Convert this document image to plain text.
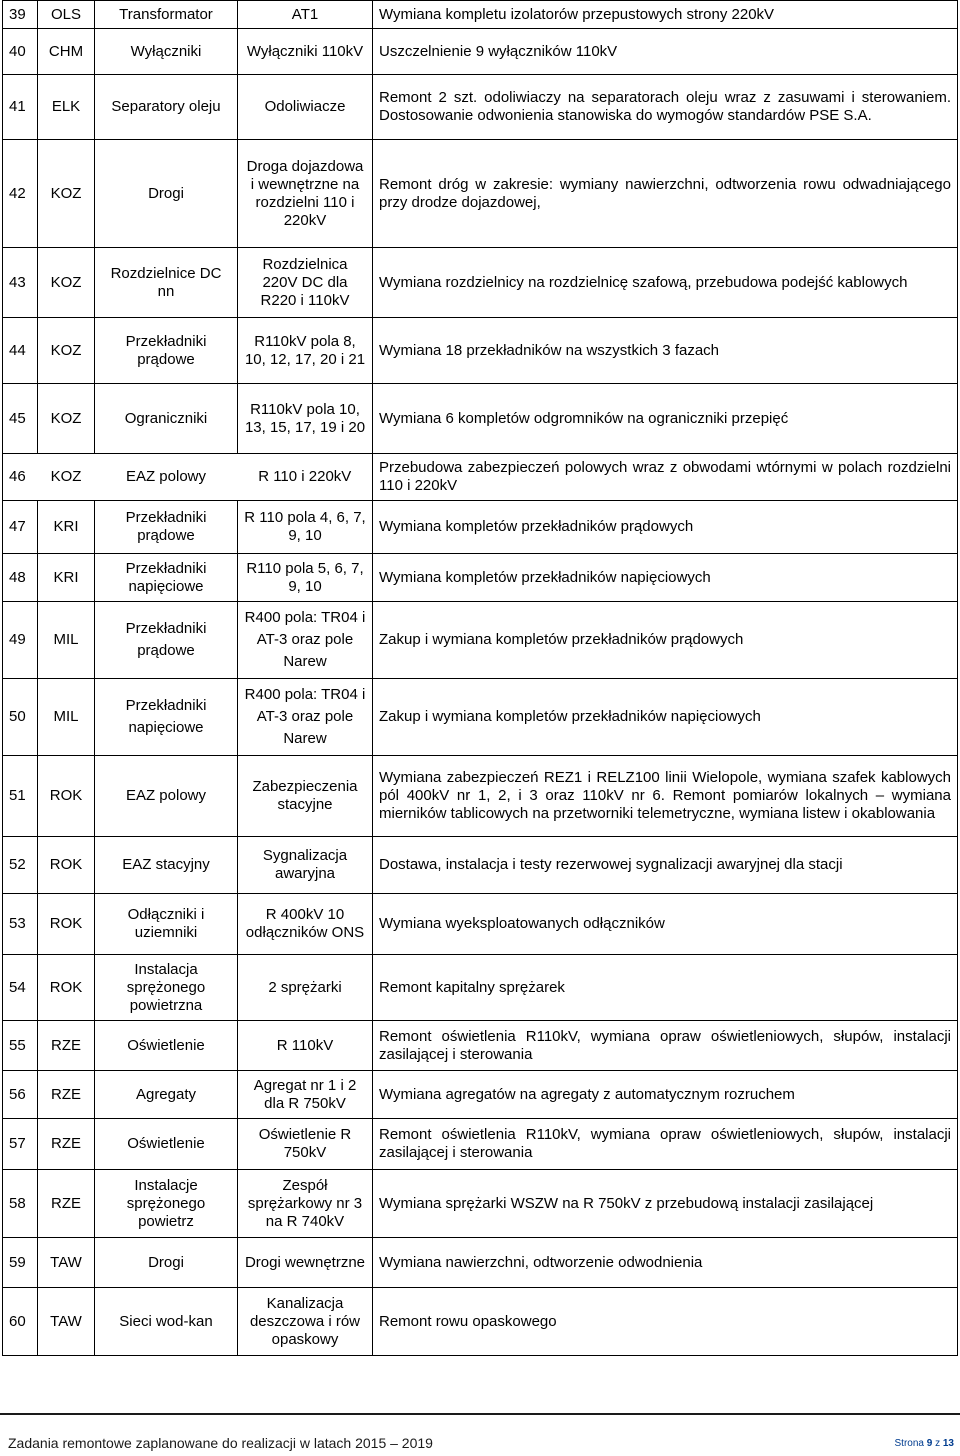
39	OLS	Transformator	AT1	Wymiana kompletu izolatorów przepustowych strony 220kV
40	CHM	Wyłączniki	Wyłączniki 110kV	Uszczelnienie 9 wyłączników 110kV
41	ELK	Separatory oleju	Odoliwiacze	Remont 2 szt. odoliwiaczy na separatorach oleju wraz z zasuwami i sterowaniem. Dostosowanie odwonienia stanowiska do wymogów standardów PSE S.A.
42	KOZ	Drogi	Droga dojazdowa i wewnętrzne na rozdzielni 110 i 220kV	Remont dróg w zakresie: wymiany nawierzchni, odtworzenia rowu odwadniającego przy drodze dojazdowej,
43	KOZ	Rozdzielnice DC nn	Rozdzielnica 220V DC dla R220 i 110kV	Wymiana rozdzielnicy na rozdzielnicę szafową, przebudowa podejść kablowych
44	KOZ	Przekładniki prądowe	R110kV pola 8, 10, 12, 17, 20 i 21	Wymiana 18 przekładników na wszystkich 3 fazach
45	KOZ	Ograniczniki	R110kV pola 10, 13, 15, 17, 19 i 20	Wymiana 6 kompletów odgromników na ograniczniki przepięć
46	KOZ	EAZ polowy	R 110 i 220kV	Przebudowa zabezpieczeń polowych wraz z obwodami wtórnymi w polach rozdzielni 110 i 220kV
47	KRI	Przekładniki prądowe	R 110 pola 4, 6, 7, 9, 10	Wymiana kompletów przekładników prądowych
48	KRI	Przekładniki napięciowe	R110 pola 5, 6, 7, 9, 10	Wymiana kompletów przekładników napięciowych
49	MIL	Przekładniki prądowe	R400 pola: TR04 i AT-3 oraz pole Narew	Zakup i wymiana kompletów przekładników prądowych
50	MIL	Przekładniki napięciowe	R400 pola: TR04 i AT-3 oraz pole Narew	Zakup i wymiana kompletów przekładników napięciowych
51	ROK	EAZ polowy	Zabezpieczenia stacyjne	Wymiana zabezpieczeń REZ1 i RELZ100 linii Wielopole, wymiana szafek kablowych pól 400kV nr 1, 2, i 3 oraz 110kV nr 6. Remont pomiarów lokalnych – wymiana mierników tablicowych na przetworniki telemetryczne, wymiana listew i okablowania
52	ROK	EAZ stacyjny	Sygnalizacja awaryjna	Dostawa, instalacja i testy rezerwowej sygnalizacji awaryjnej dla stacji
53	ROK	Odłączniki i uziemniki	R 400kV 10 odłączników ONS	Wymiana wyeksploatowanych odłączników
54	ROK	Instalacja sprężonego powietrzna	2 sprężarki	Remont kapitalny sprężarek
55	RZE	Oświetlenie	R 110kV	Remont oświetlenia R110kV, wymiana opraw oświetleniowych, słupów, instalacji zasilającej i sterowania
56	RZE	Agregaty	Agregat nr 1 i 2 dla R 750kV	Wymiana agregatów na agregaty z automatycznym rozruchem
57	RZE	Oświetlenie	Oświetlenie R 750kV	Remont oświetlenia R110kV, wymiana opraw oświetleniowych, słupów, instalacji zasilającej i sterowania
58	RZE	Instalacje sprężonego powietrz	Zespół sprężarkowy nr 3 na R 740kV	Wymiana sprężarki WSZW na R 750kV z przebudową instalacji zasilającej
59	TAW	Drogi	Drogi wewnętrzne	Wymiana nawierzchni, odtworzenie odwodnienia
60	TAW	Sieci wod-kan	Kanalizacja deszczowa i rów opaskowy	Remont rowu opaskowego
Zadania remontowe zaplanowane do realizacji w latach 2015 – 2019	Strona 9 z 13
